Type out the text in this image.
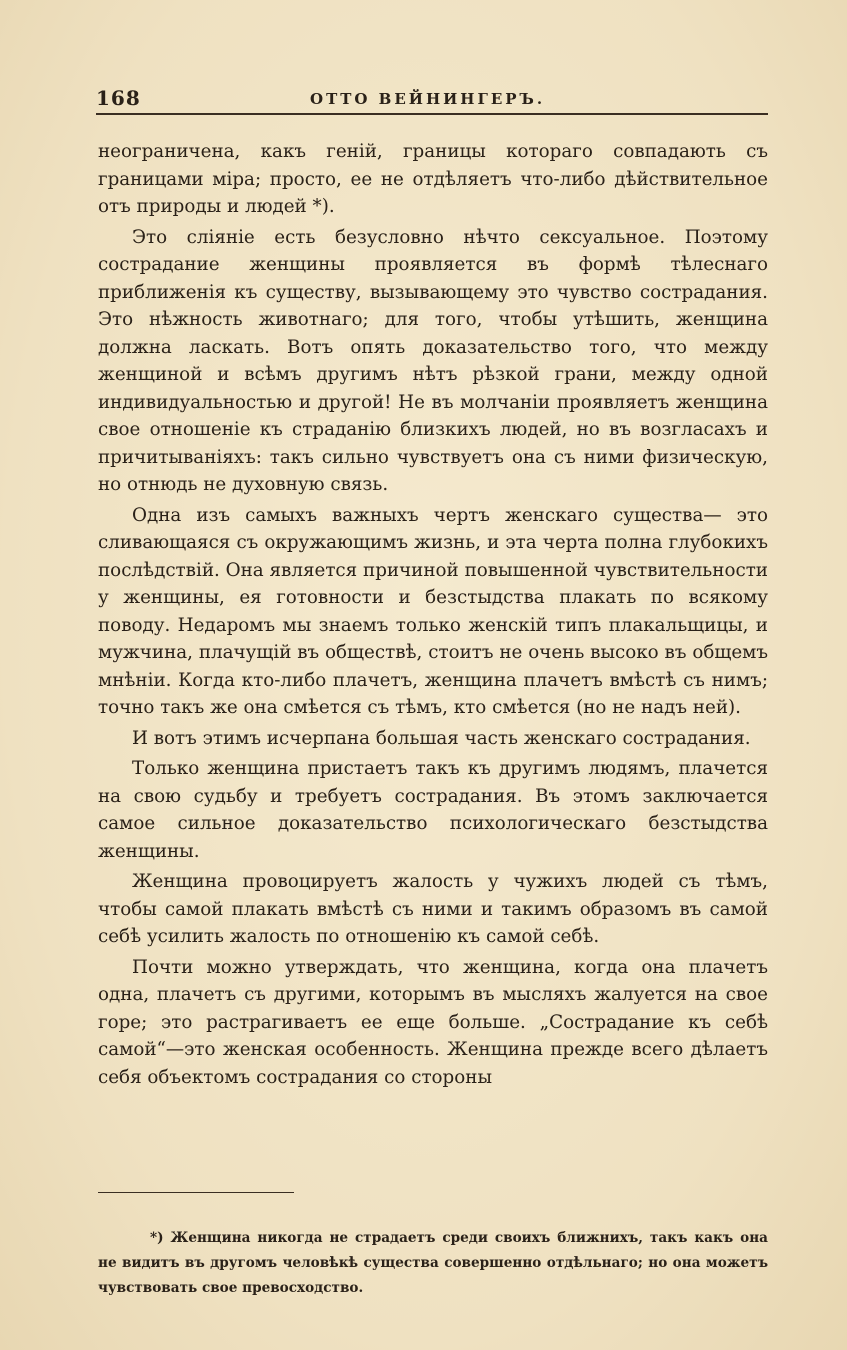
168	ОТТО ВЕЙНИНГЕРЪ.

неограничена, какъ геній, границы котораго совпадають съ границами міра; просто, ее не отдѣляетъ что-либо дѣйствительное отъ природы и людей *).

Это сліяніе есть безусловно нѣчто сексуальное. Поэтому сострадание женщины проявляется въ формѣ тѣлеснаго приближенія къ существу, вызывающему это чувство сострадания. Это нѣжность животнаго; для того, чтобы утѣшить, женщина должна ласкать. Вотъ опять доказательство того, что между женщиной и всѣмъ другимъ нѣтъ рѣзкой грани, между одной индивидуальностью и другой! Не въ молчаніи проявляетъ женщина свое отношеніе къ страданію близкихъ людей, но въ возгласахъ и причитываніяхъ: такъ сильно чувствуетъ она съ ними физическую, но отнюдь не духовную связь.

Одна изъ самыхъ важныхъ чертъ женскаго существа— это сливающаяся съ окружающимъ жизнь, и эта черта полна глубокихъ послѣдствій. Она является причиной повышенной чувствительности у женщины, ея готовности и безстыдства плакать по всякому поводу. Недаромъ мы знаемъ только женскій типъ плакальщицы, и мужчина, плачущій въ обществѣ, стоитъ не очень высоко въ общемъ мнѣніи. Когда кто-либо плачетъ, женщина плачетъ вмѣстѣ съ нимъ; точно такъ же она смѣется съ тѣмъ, кто смѣется (но не надъ ней).

И вотъ этимъ исчерпана большая часть женскаго сострадания.

Только женщина пристаетъ такъ къ другимъ людямъ, плачется на свою судьбу и требуетъ сострадания. Въ этомъ заключается самое сильное доказательство психологическаго безстыдства женщины.

Женщина провоцируетъ жалость у чужихъ людей съ тѣмъ, чтобы самой плакать вмѣстѣ съ ними и такимъ образомъ въ самой себѣ усилить жалость по отношенію къ самой себѣ.

Почти можно утверждать, что женщина, когда она плачетъ одна, плачетъ съ другими, которымъ въ мысляхъ жалуется на свое горе; это растрагиваетъ ее еще больше. „Сострадание къ себѣ самой“—это женская особенность. Женщина прежде всего дѣлаетъ себя объектомъ сострадания со стороны

*) Женщина никогда не страдаетъ среди своихъ ближнихъ, такъ какъ она не видитъ въ другомъ человѣкѣ существа совершенно отдѣльнаго; но она можетъ чувствовать свое превосходство.
